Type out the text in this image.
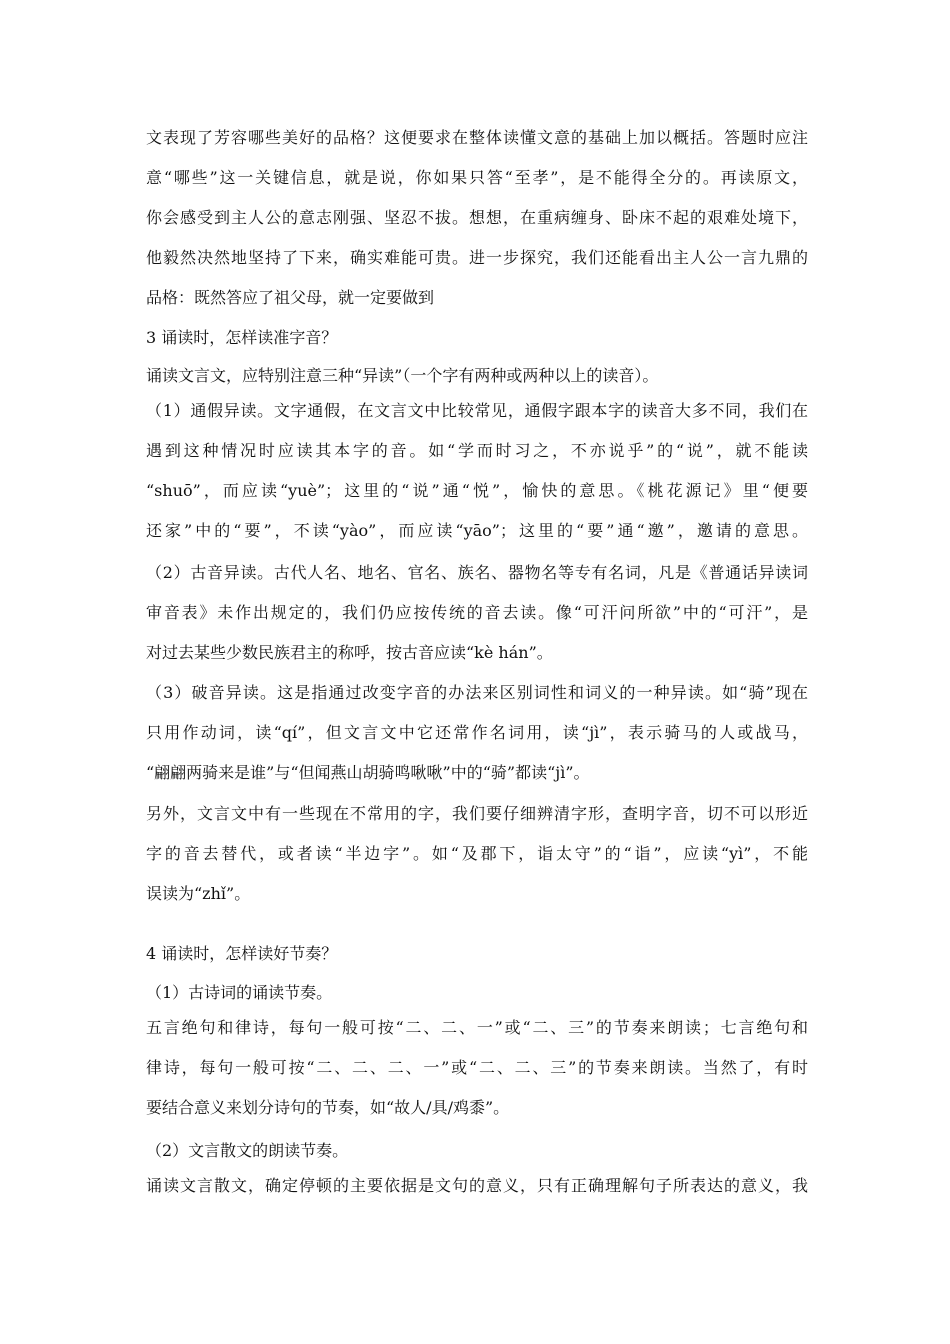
文表现了芳容哪些美好的品格？这便要求在整体读懂文意的基础上加以概括。答题时应注
意“哪些”这一关键信息，就是说，你如果只答“至孝”，是不能得全分的。再读原文，
你会感受到主人公的意志刚强、坚忍不拔。想想，在重病缠身、卧床不起的艰难处境下，
他毅然决然地坚持了下来，确实难能可贵。进一步探究，我们还能看出主人公一言九鼎的
品格：既然答应了祖父母，就一定要做到
3 诵读时，怎样读准字音？
诵读文言文，应特别注意三种“异读”（一个字有两种或两种以上的读音）。
（1）通假异读。文字通假，在文言文中比较常见，通假字跟本字的读音大多不同，我们在
遇到这种情况时应读其本字的音。如“学而时习之，不亦说乎”的“说”，就不能读
“shuō”，而应读“yuè”；这里的“说”通“悦”，愉快的意思。《桃花源记》里“便要
还家”中的“要”，不读“yào”，而应读“yāo”；这里的“要”通“邀”，邀请的意思。
（2）古音异读。古代人名、地名、官名、族名、器物名等专有名词，凡是《普通话异读词
审音表》未作出规定的，我们仍应按传统的音去读。像“可汗问所欲”中的“可汗”，是
对过去某些少数民族君主的称呼，按古音应读“kè hán”。
（3）破音异读。这是指通过改变字音的办法来区别词性和词义的一种异读。如“骑”现在
只用作动词，读“qí”，但文言文中它还常作名词用，读“jì”，表示骑马的人或战马，
“翩翩两骑来是谁”与“但闻燕山胡骑鸣啾啾”中的“骑”都读“jì”。
另外，文言文中有一些现在不常用的字，我们要仔细辨清字形，查明字音，切不可以形近
字的音去替代，或者读“半边字”。如“及郡下，诣太守”的“诣”，应读“yì”，不能
误读为“zhǐ”。
4 诵读时，怎样读好节奏？
（1）古诗词的诵读节奏。
五言绝句和律诗，每句一般可按“二、二、一”或“二、三”的节奏来朗读；七言绝句和
律诗，每句一般可按“二、二、二、一”或“二、二、三”的节奏来朗读。当然了，有时
要结合意义来划分诗句的节奏，如“故人/具/鸡黍”。
（2）文言散文的朗读节奏。
诵读文言散文，确定停顿的主要依据是文句的意义，只有正确理解句子所表达的意义，我
